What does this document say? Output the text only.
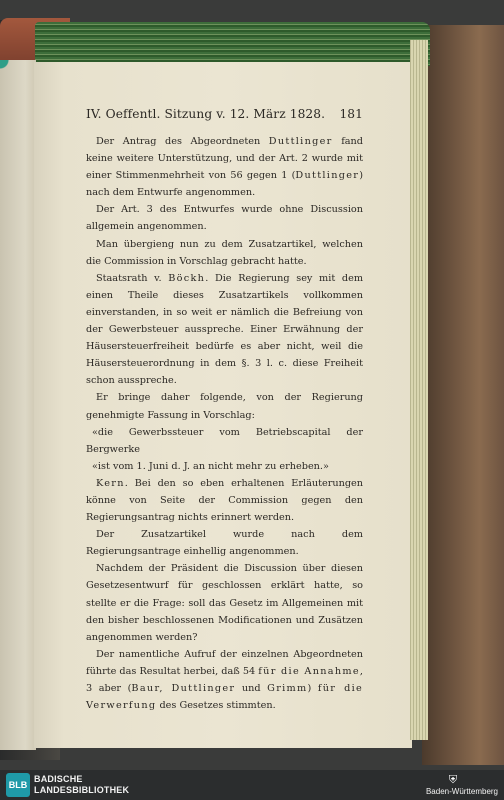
IV. Oeffentl. Sitzung v. 12. März 1828. 181

Der Antrag des Abgeordneten Duttlinger fand keine weitere Unterstützung, und der Art. 2 wurde mit einer Stimmenmehrheit von 56 gegen 1 (Duttlinger) nach dem Entwurfe angenommen.

Der Art. 3 des Entwurfes wurde ohne Discussion allgemein angenommen.

Man übergieng nun zu dem Zusatzartikel, welchen die Commission in Vorschlag gebracht hatte.

Staatsrath v. Böckh. Die Regierung sey mit dem einen Theile dieses Zusatzartikels vollkommen einverstanden, in so weit er nämlich die Befreiung von der Gewerbsteuer ausspreche. Einer Erwähnung der Häusersteuerfreiheit bedürfe es aber nicht, weil die Häusersteuerordnung in dem §. 3 l. c. diese Freiheit schon ausspreche.

Er bringe daher folgende, von der Regierung genehmigte Fassung in Vorschlag:

«die Gewerbssteuer vom Betriebscapital der Bergwerke

«ist vom 1. Juni d. J. an nicht mehr zu erheben.»

Kern. Bei den so eben erhaltenen Erläuterungen könne von Seite der Commission gegen den Regierungsantrag nichts erinnert werden.

Der Zusatzartikel wurde nach dem Regierungsantrage einhellig angenommen.

Nachdem der Präsident die Discussion über diesen Gesetzesentwurf für geschlossen erklärt hatte, so stellte er die Frage: soll das Gesetz im Allgemeinen mit den bisher beschlossenen Modificationen und Zusätzen angenommen werden?

Der namentliche Aufruf der einzelnen Abgeordneten führte das Resultat herbei, daß 54 für die Annahme, 3 aber (Baur, Duttlinger und Grimm) für die Verwerfung des Gesetzes stimmten.

BLB
BADISCHE
LANDESBIBLIOTHEK
⛨
Baden-Württemberg
